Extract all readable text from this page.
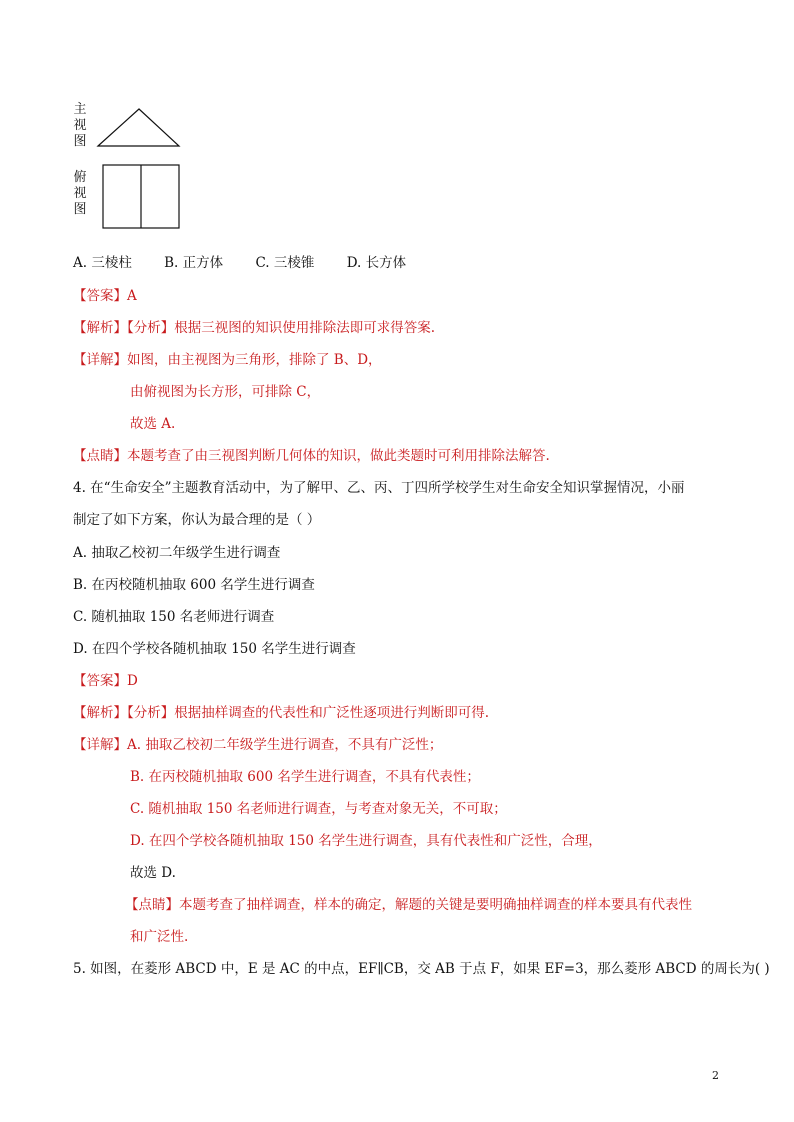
主
视
图
俯
视
图
A. 三棱柱 B. 正方体 C. 三棱锥 D. 长方体
【答案】A
【解析】【分析】根据三视图的知识使用排除法即可求得答案.
【详解】如图，由主视图为三角形，排除了 B、D，
由俯视图为长方形，可排除 C，
故选 A.
【点睛】本题考查了由三视图判断几何体的知识，做此类题时可利用排除法解答.
4. 在“生命安全”主题教育活动中，为了解甲、乙、丙、丁四所学校学生对生命安全知识掌握情况，小丽
制定了如下方案，你认为最合理的是（ ）
A. 抽取乙校初二年级学生进行调查
B. 在丙校随机抽取 600 名学生进行调查
C. 随机抽取 150 名老师进行调查
D. 在四个学校各随机抽取 150 名学生进行调查
【答案】D
【解析】【分析】根据抽样调查的代表性和广泛性逐项进行判断即可得.
【详解】A. 抽取乙校初二年级学生进行调查，不具有广泛性；
B. 在丙校随机抽取 600 名学生进行调查，不具有代表性；
C. 随机抽取 150 名老师进行调查，与考查对象无关，不可取；
D. 在四个学校各随机抽取 150 名学生进行调查，具有代表性和广泛性，合理，
故选 D.
【点睛】本题考查了抽样调查，样本的确定，解题的关键是要明确抽样调查的样本要具有代表性
和广泛性.
5. 如图，在菱形 ABCD 中，E 是 AC 的中点，EF∥CB，交 AB 于点 F，如果 EF=3，那么菱形 ABCD 的周长为( )
2
